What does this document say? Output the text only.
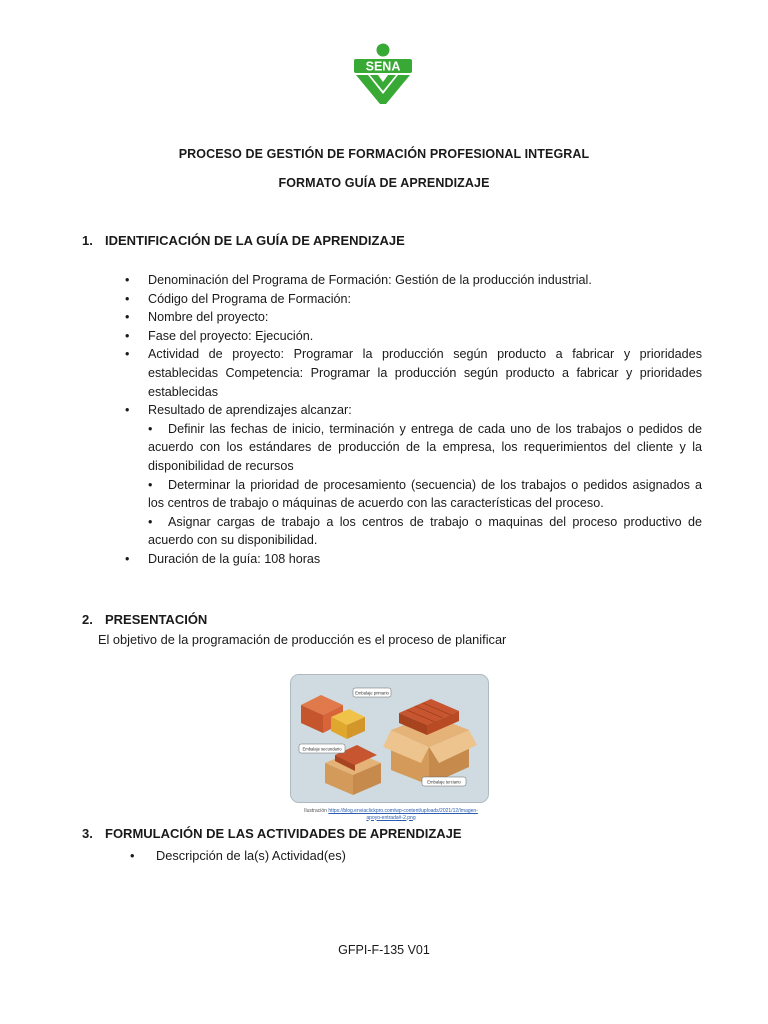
SENA
PROCESO DE GESTIÓN DE FORMACIÓN PROFESIONAL INTEGRAL
FORMATO GUÍA DE APRENDIZAJE
1. IDENTIFICACIÓN DE LA GUÍA DE APRENDIZAJE
• Denominación del Programa de Formación: Gestión de la producción industrial.
• Código del Programa de Formación:
• Nombre del proyecto:
• Fase del proyecto: Ejecución.
• Actividad de proyecto: Programar la producción según producto a fabricar y prioridades establecidas Competencia: Programar la producción según producto a fabricar y prioridades establecidas
• Resultado de aprendizajes alcanzar:
• Definir las fechas de inicio, terminación y entrega de cada uno de los trabajos o pedidos de acuerdo con los estándares de producción de la empresa, los requerimientos del cliente y la disponibilidad de recursos
• Determinar la prioridad de procesamiento (secuencia) de los trabajos o pedidos asignados a los centros de trabajo o máquinas de acuerdo con las características del proceso.
• Asignar cargas de trabajo a los centros de trabajo o maquinas del proceso productivo de acuerdo con su disponibilidad.
• Duración de la guía: 108 horas
2. PRESENTACIÓN
El objetivo de la programación de producción es el proceso de planificar
Embalaje primario
Embalaje terciario
Embalaje secundario
Ilustración https://blog.enviaclickpro.com/wp-content/uploads/2021/12/Imagen-
apoyo-entrada#-2.png
3. FORMULACIÓN DE LAS ACTIVIDADES DE APRENDIZAJE
• Descripción de la(s) Actividad(es)
GFPI-F-135 V01
